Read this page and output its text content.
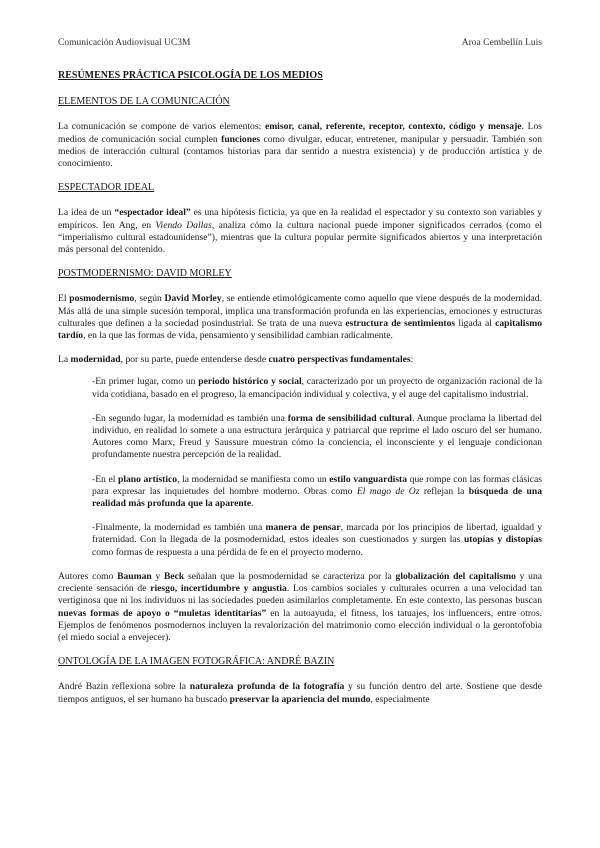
Comunicación Audiovisual UC3M	Aroa Cembellín Luis
RESÚMENES PRÁCTICA PSICOLOGÍA DE LOS MEDIOS
ELEMENTOS DE LA COMUNICACIÓN

La comunicación se compone de varios elementos: emisor, canal, referente, receptor, contexto, código y mensaje. Los medios de comunicación social cumplen funciones como divulgar, educar, entretener, manipular y persuadir. También son medios de interacción cultural (contamos historias para dar sentido a nuestra existencia) y de producción artística y de conocimiento.

ESPECTADOR IDEAL

La idea de un “espectador ideal” es una hipótesis ficticia, ya que en la realidad el espectador y su contexto son variables y empíricos. Ien Ang, en Viendo Dallas, analiza cómo la cultura nacional puede imponer significados cerrados (como el “imperialismo cultural estadounidense”), mientras que la cultura popular permite significados abiertos y una interpretación más personal del contenido.

POSTMODERNISMO: DAVID MORLEY

El posmodernismo, según David Morley, se entiende etimológicamente como aquello que viene después de la modernidad. Más allá de una simple sucesión temporal, implica una transformación profunda en las experiencias, emociones y estructuras culturales que definen a la sociedad posindustrial. Se trata de una nueva estructura de sentimientos ligada al capitalismo tardío, en la que las formas de vida, pensamiento y sensibilidad cambian radicalmente.

La modernidad, por su parte, puede entenderse desde cuatro perspectivas fundamentales:

-En primer lugar, como un periodo histórico y social, caracterizado por un proyecto de organización racional de la vida cotidiana, basado en el progreso, la emancipación individual y colectiva, y el auge del capitalismo industrial.

-En segundo lugar, la modernidad es también una forma de sensibilidad cultural. Aunque proclama la libertad del individuo, en realidad lo somete a una estructura jerárquica y patriarcal que reprime el lado oscuro del ser humano. Autores como Marx, Freud y Saussure muestran cómo la conciencia, el inconsciente y el lenguaje condicionan profundamente nuestra percepción de la realidad.

-En el plano artístico, la modernidad se manifiesta como un estilo vanguardista que rompe con las formas clásicas para expresar las inquietudes del hombre moderno. Obras como El mago de Oz reflejan la búsqueda de una realidad más profunda que la aparente.

-Finalmente, la modernidad es también una manera de pensar, marcada por los principios de libertad, igualdad y fraternidad. Con la llegada de la posmodernidad, estos ideales son cuestionados y surgen las utopías y distopías como formas de respuesta a una pérdida de fe en el proyecto moderno.

Autores como Bauman y Beck señalan que la posmodernidad se caracteriza por la globalización del capitalismo y una creciente sensación de riesgo, incertidumbre y angustia. Los cambios sociales y culturales ocurren a una velocidad tan vertiginosa que ni los individuos ni las sociedades pueden asimilarlos completamente. En este contexto, las personas buscan nuevas formas de apoyo o “muletas identitarias” en la autoayuda, el fitness, los tatuajes, los influencers, entre otros. Ejemplos de fenómenos posmodernos incluyen la revalorización del matrimonio como elección individual o la gerontofobia (el miedo social a envejecer).

ONTOLOGÍA DE LA IMAGEN FOTOGRÁFICA: ANDRÉ BAZIN

André Bazin reflexiona sobre la naturaleza profunda de la fotografía y su función dentro del arte. Sostiene que desde tiempos antiguos, el ser humano ha buscado preservar la apariencia del mundo, especialmente
